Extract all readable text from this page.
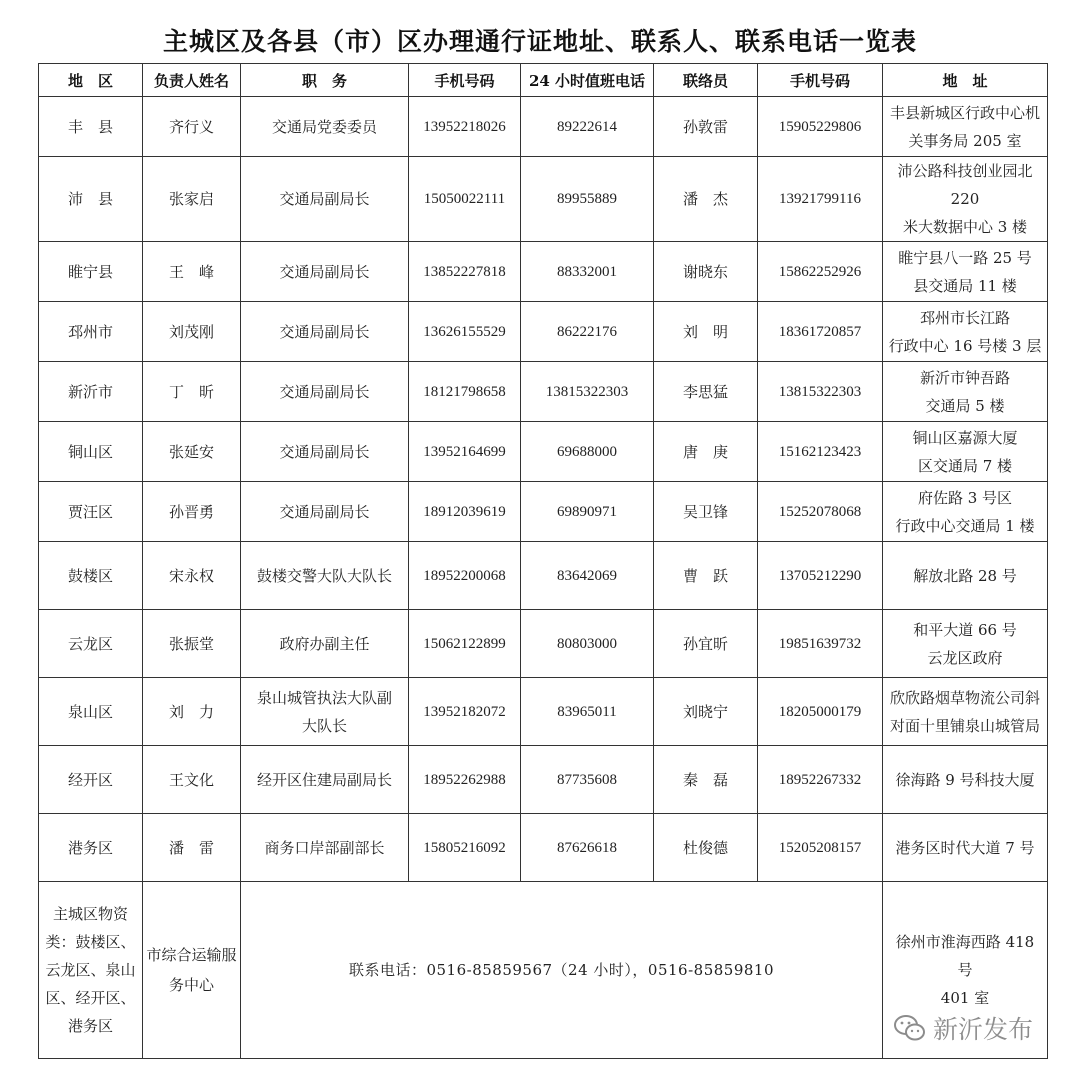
主城区及各县（市）区办理通行证地址、联系人、联系电话一览表
地　区	负责人姓名	职　务	手机号码	24 小时值班电话	联络员	手机号码	地　址
丰　县	齐行义	交通局党委委员	13952218026	89222614	孙敦雷	15905229806	丰县新城区行政中心机
关事务局 205 室

沛　县	张家启	交通局副局长	15050022111	89955889	潘　杰	13921799116	沛公路科技创业园北 220
米大数据中心 3 楼

睢宁县	王　峰	交通局副局长	13852227818	88332001	谢晓东	15862252926	睢宁县八一路 25 号
县交通局 11 楼

邳州市	刘茂刚	交通局副局长	13626155529	86222176	刘　明	18361720857	邳州市长江路
行政中心 16 号楼 3 层

新沂市	丁　昕	交通局副局长	18121798658	13815322303	李思猛	13815322303	新沂市钟吾路
交通局 5 楼

铜山区	张延安	交通局副局长	13952164699	69688000	唐　庚	15162123423	铜山区嘉源大厦
区交通局 7 楼

贾汪区	孙晋勇	交通局副局长	18912039619	69890971	吴卫锋	15252078068	府佐路 3 号区
行政中心交通局 1 楼

鼓楼区	宋永权	鼓楼交警大队大队长	18952200068	83642069	曹　跃	13705212290	解放北路 28 号

云龙区	张振堂	政府办副主任	15062122899	80803000	孙宜昕	19851639732	和平大道 66 号
云龙区政府

泉山区	刘　力	泉山城管执法大队副大队长	13952182072	83965011	刘晓宁	18205000179	欣欣路烟草物流公司斜
对面十里铺泉山城管局

经开区	王文化	经开区住建局副局长	18952262988	87735608	秦　磊	18952267332	徐海路 9 号科技大厦

港务区	潘　雷	商务口岸部副部长	15805216092	87626618	杜俊德	15205208157	港务区时代大道 7 号

主城区物资类：鼓楼区、云龙区、泉山区、经开区、港务区	市综合运输服务中心	联系电话：0516-85859567（24 小时），0516-85859810					徐州市淮海西路 418 号
401 室
新沂发布
